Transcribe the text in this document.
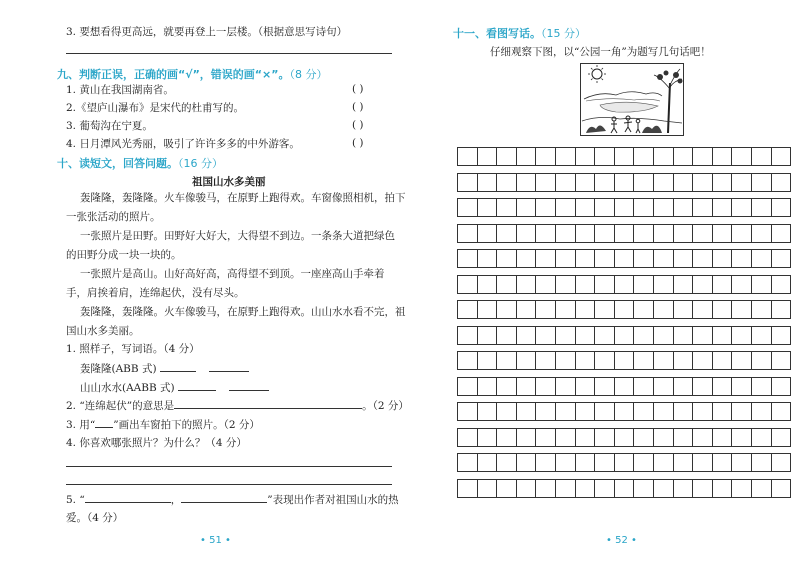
3. 要想看得更高远，就要再登上一层楼。（根据意思写诗句）
九、判断正误，正确的画“√”，错误的画“×”。（8 分）
1. 黄山在我国湖南省。	( )
2.《望庐山瀑布》是宋代的杜甫写的。	( )
3. 葡萄沟在宁夏。	( )
4. 日月潭风光秀丽，吸引了许许多多的中外游客。	( )
十、读短文，回答问题。（16 分）
祖国山水多美丽
轰隆隆，轰隆隆。火车像骏马，在原野上跑得欢。车窗像照相机，拍下
一张张活动的照片。
一张照片是田野。田野好大好大，大得望不到边。一条条大道把绿色
的田野分成一块一块的。
一张照片是高山。山好高好高，高得望不到顶。一座座高山手牵着
手，肩挨着肩，连绵起伏，没有尽头。
轰隆隆，轰隆隆。火车像骏马，在原野上跑得欢。山山水水看不完，祖
国山水多美丽。
1. 照样子，写词语。（4 分）
轰隆隆(ABB 式)
山山水水(AABB 式)
2. “连绵起伏”的意思是	。（2 分）
3. 用“ ”画出车窗拍下的照片。（2 分）
4. 你喜欢哪张照片？为什么？（4 分）
5. “	，	”表现出作者对祖国山水的热
爱。（4 分）
• 51 •
十一、看图写话。（15 分）
仔细观察下图，以“公园一角”为题写几句话吧！
• 52 •
